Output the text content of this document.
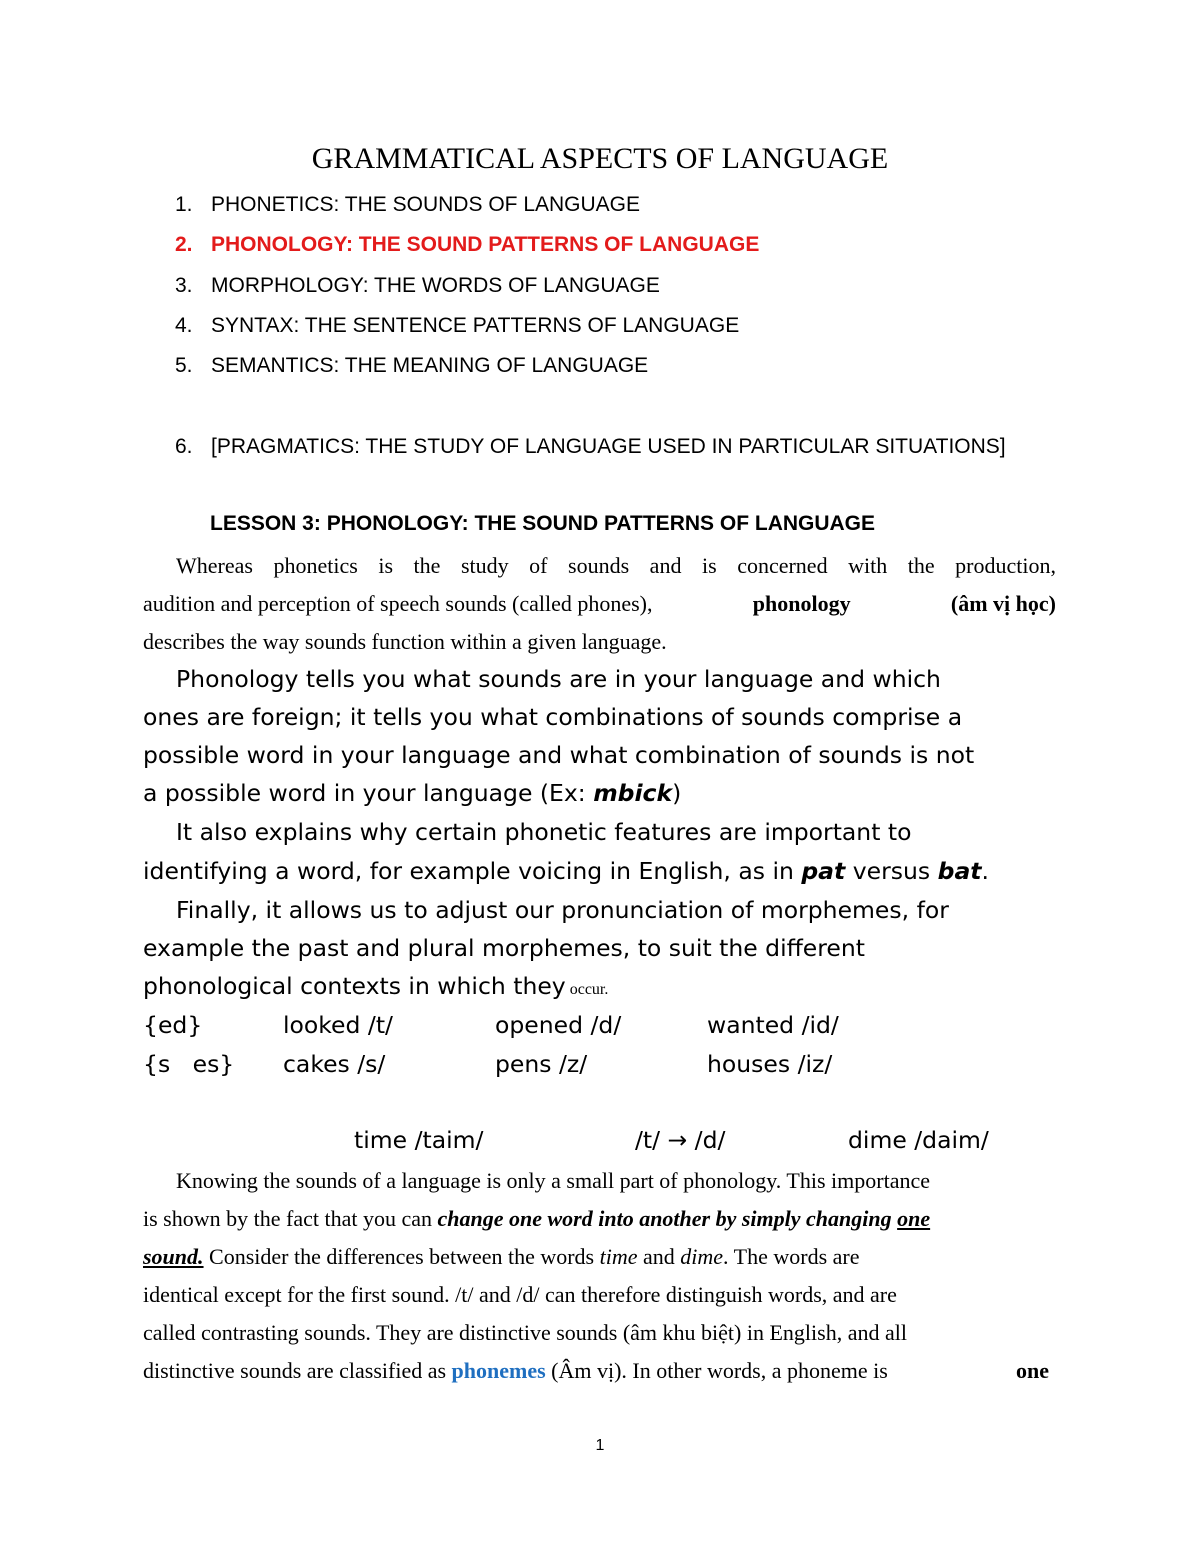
GRAMMATICAL ASPECTS OF LANGUAGE
1. PHONETICS: THE SOUNDS OF LANGUAGE
2. PHONOLOGY: THE SOUND PATTERNS OF LANGUAGE
3. MORPHOLOGY: THE WORDS OF LANGUAGE
4. SYNTAX: THE SENTENCE PATTERNS OF LANGUAGE
5. SEMANTICS: THE MEANING OF LANGUAGE
6. [PRAGMATICS: THE STUDY OF LANGUAGE USED IN PARTICULAR SITUATIONS]
LESSON 3: PHONOLOGY: THE SOUND PATTERNS OF LANGUAGE
Whereas phonetics is the study of sounds and is concerned with the production,
audition and perception of speech sounds (called phones),	phonology	(âm vị học)
describes the way sounds function within a given language.
Phonology tells you what sounds are in your language and which
ones are foreign; it tells you what combinations of sounds comprise a
possible word in your language and what combination of sounds is not
a possible word in your language (Ex: mbick)
It also explains why certain phonetic features are important to
identifying a word, for example voicing in English, as in pat versus bat.
Finally, it allows us to adjust our pronunciation of morphemes, for
example the past and plural morphemes, to suit the different
phonological contexts in which they occur.
{ed}	looked /t/	opened /d/	wanted /id/
{s   es} cakes /s/	pens /z/	houses /iz/
time /taim/	/t/ → /d/	dime /daim/
Knowing the sounds of a language is only a small part of phonology. This importance
is shown by the fact that you can change one word into another by simply changing one
sound. Consider the differences between the words time and dime. The words are
identical except for the first sound. /t/ and /d/ can therefore distinguish words, and are
called contrasting sounds. They are distinctive sounds (âm khu biệt) in English, and all
distinctive sounds are classified as phonemes (Âm vị). In other words, a phoneme is	one
1
